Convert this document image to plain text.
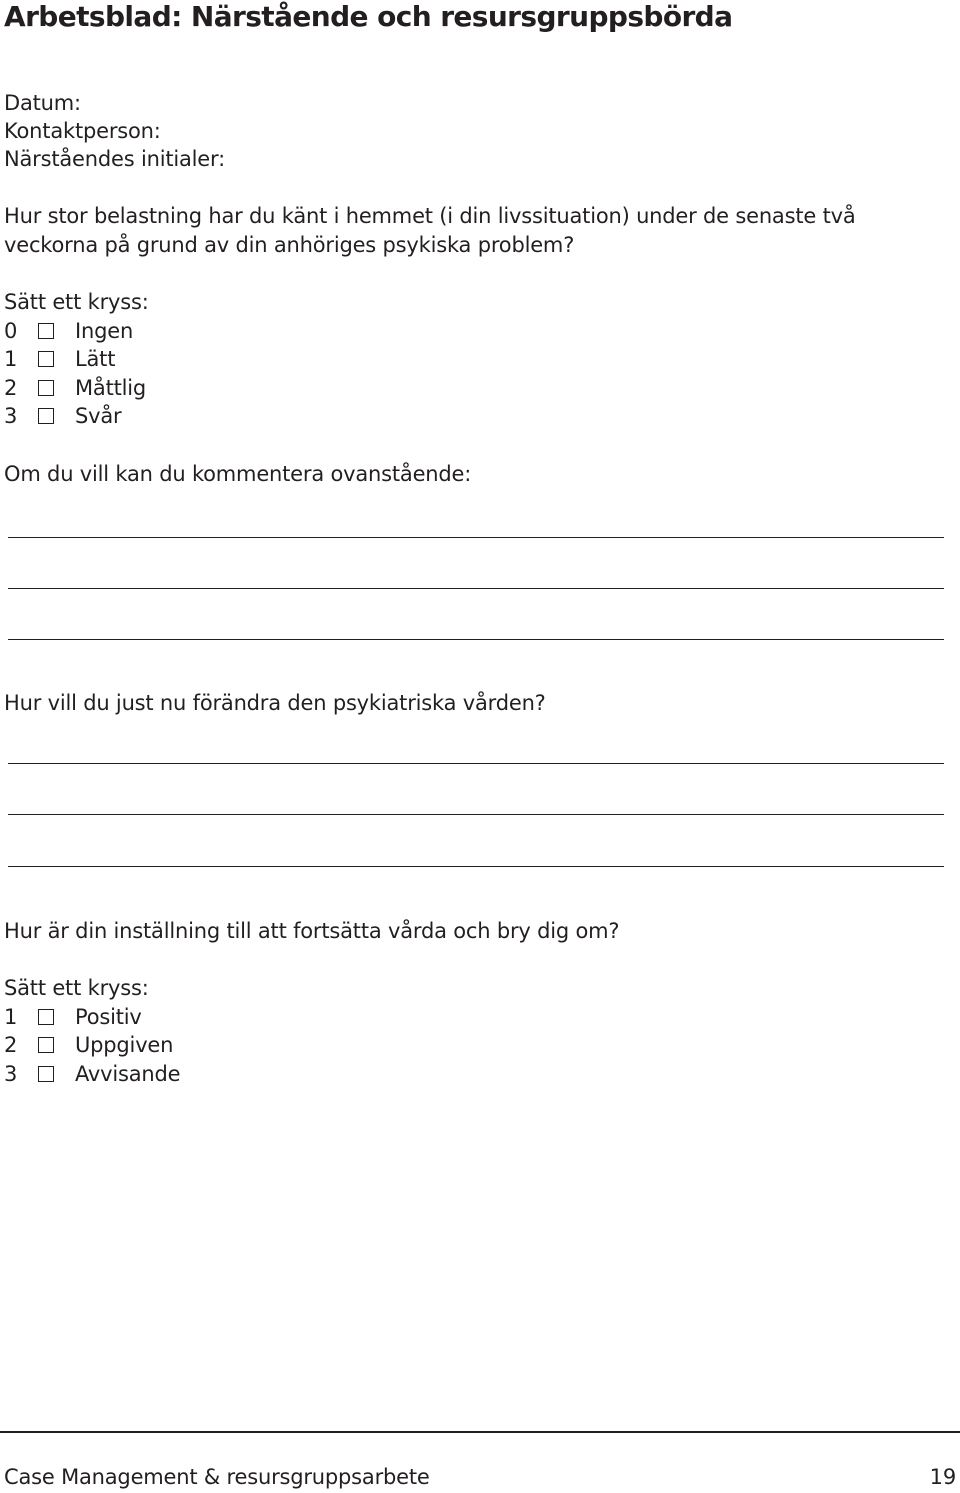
Arbetsblad: Närstående och resursgruppsbörda
Datum:
Kontaktperson:
Närståendes initialer:
Hur stor belastning har du känt i hemmet (i din livssituation) under de senaste två
veckorna på grund av din anhöriges psykiska problem?
Sätt ett kryss:
0	Ingen
1	Lätt
2	Måttlig
3	Svår
Om du vill kan du kommentera ovanstående:
Hur vill du just nu förändra den psykiatriska vården?
Hur är din inställning till att fortsätta vårda och bry dig om?
Sätt ett kryss:
1	Positiv
2	Uppgiven
3	Avvisande
Case Management & resursgruppsarbete	19
